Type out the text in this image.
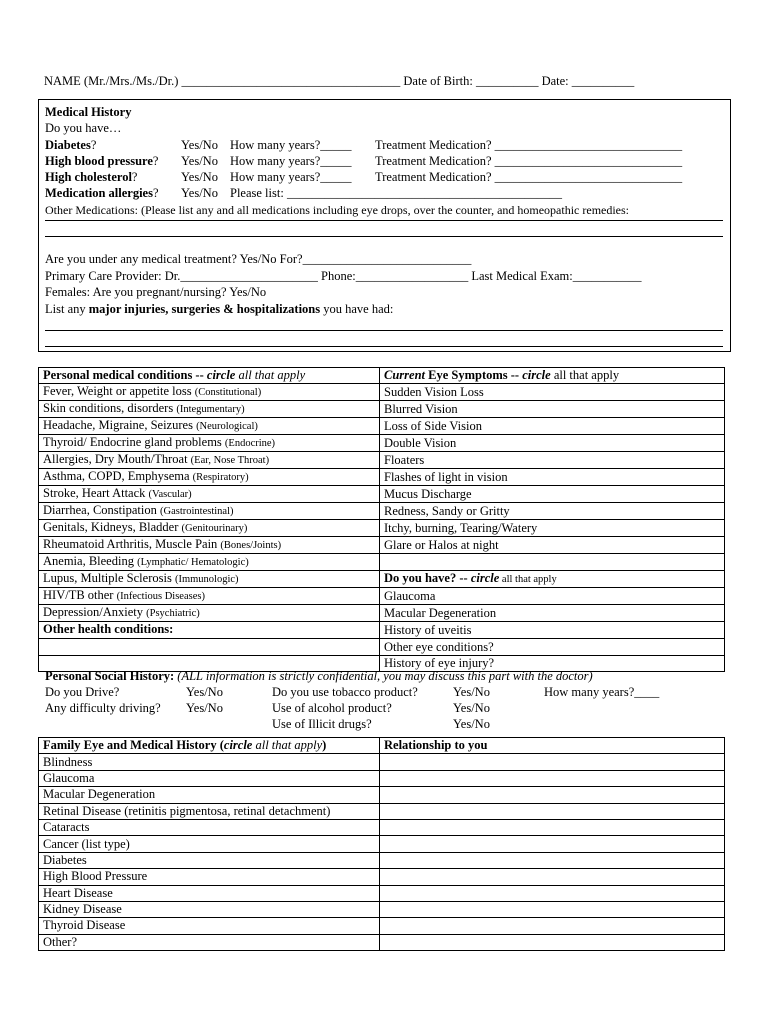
NAME (Mr./Mrs./Ms./Dr.) ___________________________________ Date of Birth: __________ Date: __________
Medical History
Do you have…
Diabetes?	Yes/No How many years?_____ Treatment Medication? ______________________________
High blood pressure? Yes/No How many years?_____ Treatment Medication? ______________________________
High cholesterol?	Yes/No How many years?_____ Treatment Medication? ______________________________
Medication allergies? Yes/No Please list: ____________________________________________
Other Medications: (Please list any and all medications including eye drops, over the counter, and homeopathic remedies:
Are you under any medical treatment? Yes/No For?___________________________
Primary Care Provider: Dr.______________________ Phone:__________________ Last Medical Exam:___________
Females: Are you pregnant/nursing? Yes/No
List any major injuries, surgeries & hospitalizations you have had:
Personal medical conditions -- circle all that apply	Current Eye Symptoms -- circle all that apply
Fever, Weight or appetite loss (Constitutional)	Sudden Vision Loss
Skin conditions, disorders (Integumentary)	Blurred Vision
Headache, Migraine, Seizures (Neurological)	Loss of Side Vision
Thyroid/ Endocrine gland problems (Endocrine)	Double Vision
Allergies, Dry Mouth/Throat (Ear, Nose Throat)	Floaters
Asthma, COPD, Emphysema (Respiratory)	Flashes of light in vision
Stroke, Heart Attack (Vascular)	Mucus Discharge
Diarrhea, Constipation (Gastrointestinal)	Redness, Sandy or Gritty
Genitals, Kidneys, Bladder (Genitourinary)	Itchy, burning, Tearing/Watery
Rheumatoid Arthritis, Muscle Pain (Bones/Joints)	Glare or Halos at night
Anemia, Bleeding (Lymphatic/ Hematologic)	
Lupus, Multiple Sclerosis (Immunologic)	Do you have? -- circle all that apply
HIV/TB other (Infectious Diseases)	Glaucoma
Depression/Anxiety (Psychiatric)	Macular Degeneration
Other health conditions:	History of uveitis
	Other eye conditions?
	History of eye injury?
Personal Social History: (ALL information is strictly confidential, you may discuss this part with the doctor)
Do you Drive?	Yes/No	Do you use tobacco product?	Yes/No	How many years?____
Any difficulty driving? Yes/No	Use of alcohol product?	Yes/No
Use of Illicit drugs?	Yes/No
Family Eye and Medical History (circle all that apply)	Relationship to you
Blindness	
Glaucoma	
Macular Degeneration	
Retinal Disease (retinitis pigmentosa, retinal detachment)	
Cataracts	
Cancer (list type)	
Diabetes	
High Blood Pressure	
Heart Disease	
Kidney Disease	
Thyroid Disease	
Other?	
